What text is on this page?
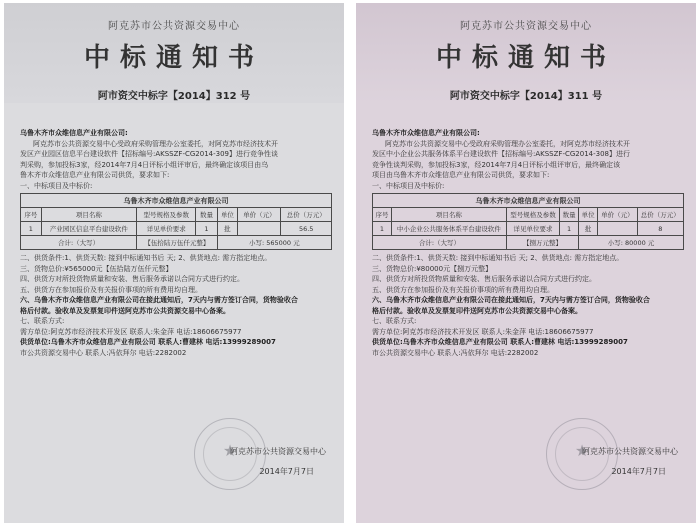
阿克苏市公共资源交易中心
中标通知书
阿市资交中标字【2014】312 号
乌鲁木齐市众维信息产业有限公司:
阿克苏市公共资源交易中心受政府采购管理办公室委托，对阿克苏市经济技术开
发区产业园区信息平台建设软件【招标编号:AKSSZF-CG2014-309】进行竞争性谈
判采购，参加投标3家，经2014年7月4日评标小组评审后，最终确定该项目由乌
鲁木齐市众维信息产业有限公司供货，要求如下:
一、中标项目及中标价:
乌鲁木齐市众维信息产业有限公司						
序号	项目名称	型号规格及参数	数量	单位	单价（元）	总价（万元）
1	产业园区信息平台建设软件	详见单价要求	1	批		56.5
合计:（大写）		【伍拾陆万伍仟元整】		小写: 565000 元		
二、供货条件:1、供货天数: 接到中标通知书后 天; 2、供货地点: 需方指定地点。
三、货物总价:¥565000元【伍拾陆万伍仟元整】
四、供货方对所投货物质量和安装、售后服务承诺以合同方式进行约定。
五、供货方在参加报价及有关报价事项的所有费用均自理。
六、乌鲁木齐市众维信息产业有限公司在接此通知后，7天内与需方签订合同，货物验收合
格后付款。验收单及发票复印件送阿克苏市公共资源交易中心备案。
七、联系方式:
需方单位:阿克苏市经济技术开发区 联系人:朱金萍 电话:18606675977
供货单位:乌鲁木齐市众维信息产业有限公司 联系人:曹建林 电话:13999289007
市公共资源交易中心 联系人:冯依拜尔 电话:2282002
★
阿克苏市公共资源交易中心
2014年7月7日
阿克苏市公共资源交易中心
中标通知书
阿市资交中标字【2014】311 号
乌鲁木齐市众维信息产业有限公司:
阿克苏市公共资源交易中心受政府采购管理办公室委托，对阿克苏市经济技术开
发区中小企业公共服务体系平台建设软件【招标编号:AKSSZF-CG2014-308】进行
竞争性谈判采购，参加投标3家，经2014年7月4日评标小组评审后，最终确定该
项目由乌鲁木齐市众维信息产业有限公司供货，要求如下:
一、中标项目及中标价:
乌鲁木齐市众维信息产业有限公司						
序号	项目名称	型号规格及参数	数量	单位	单价（元）	总价（万元）
1	中小企业公共服务体系平台建设软件	详见单位要求	1	批		8
合计:（大写）		【捌万元整】		小写: 80000 元		
二、供货条件:1、供货天数: 接到中标通知书后 天; 2、供货地点: 需方指定地点。
三、货物总价:¥80000元【捌万元整】
四、供货方对所投货物质量和安装、售后服务承诺以合同方式进行约定。
五、供货方在参加报价及有关报价事项的所有费用均自理。
六、乌鲁木齐市众维信息产业有限公司在接此通知后，7天内与需方签订合同，货物验收合
格后付款。验收单及发票复印件送阿克苏市公共资源交易中心备案。
七、联系方式:
需方单位:阿克苏市经济技术开发区 联系人:朱金萍 电话:18606675977
供货单位:乌鲁木齐市众维信息产业有限公司 联系人:曹建林 电话:13999289007
市公共资源交易中心 联系人:冯依拜尔 电话:2282002
★
阿克苏市公共资源交易中心
2014年7月7日
